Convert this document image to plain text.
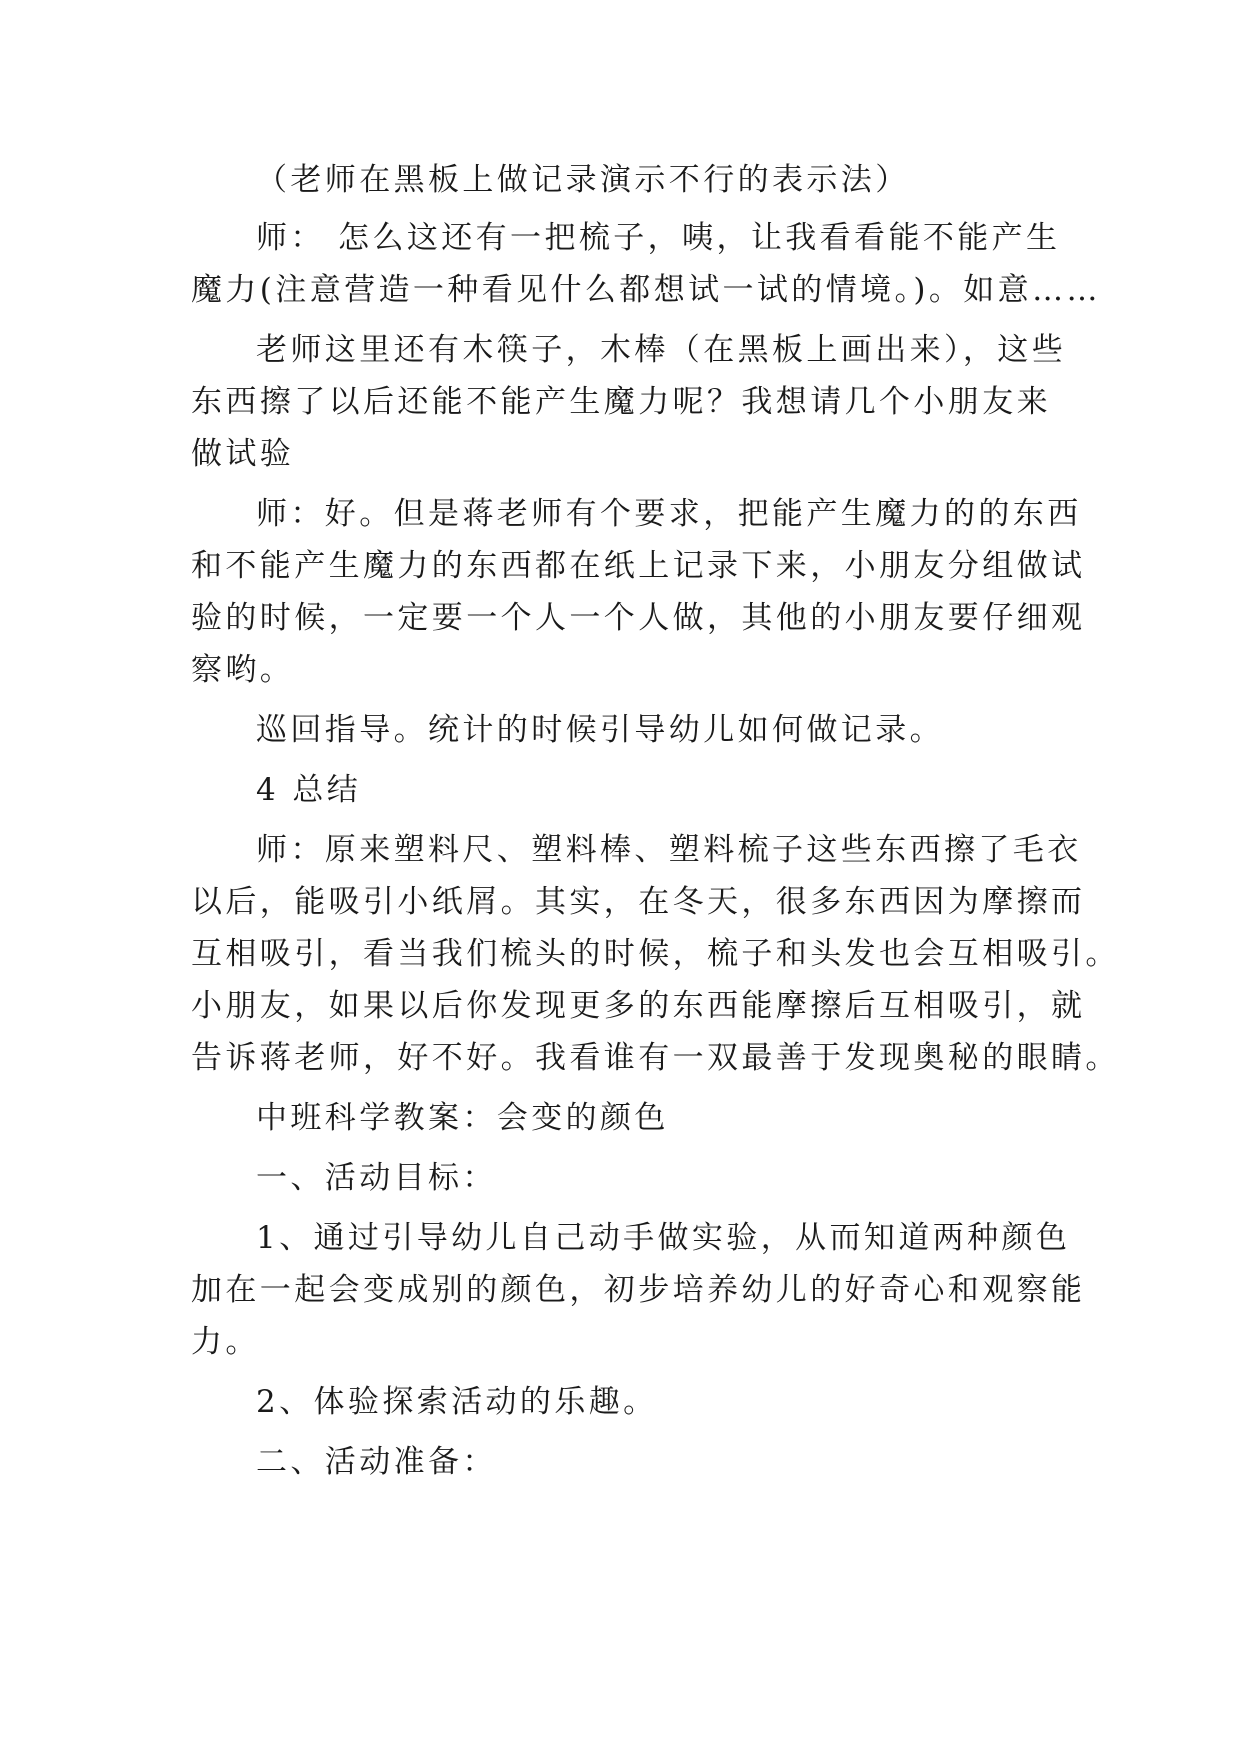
（老师在黑板上做记录演示不行的表示法）
师： 怎么这还有一把梳子，咦，让我看看能不能产生
魔力(注意营造一种看见什么都想试一试的情境。)。如意……
老师这里还有木筷子，木棒（在黑板上画出来），这些
东西擦了以后还能不能产生魔力呢？我想请几个小朋友来
做试验
师：好。但是蒋老师有个要求，把能产生魔力的的东西
和不能产生魔力的东西都在纸上记录下来，小朋友分组做试
验的时候，一定要一个人一个人做，其他的小朋友要仔细观
察哟。
巡回指导。统计的时候引导幼儿如何做记录。
4 总结
师：原来塑料尺、塑料棒、塑料梳子这些东西擦了毛衣
以后，能吸引小纸屑。其实，在冬天，很多东西因为摩擦而
互相吸引，看当我们梳头的时候，梳子和头发也会互相吸引。
小朋友，如果以后你发现更多的东西能摩擦后互相吸引，就
告诉蒋老师，好不好。我看谁有一双最善于发现奥秘的眼睛。
中班科学教案：会变的颜色
一、活动目标：
1、通过引导幼儿自己动手做实验，从而知道两种颜色
加在一起会变成别的颜色，初步培养幼儿的好奇心和观察能
力。
2、体验探索活动的乐趣。
二、活动准备：
